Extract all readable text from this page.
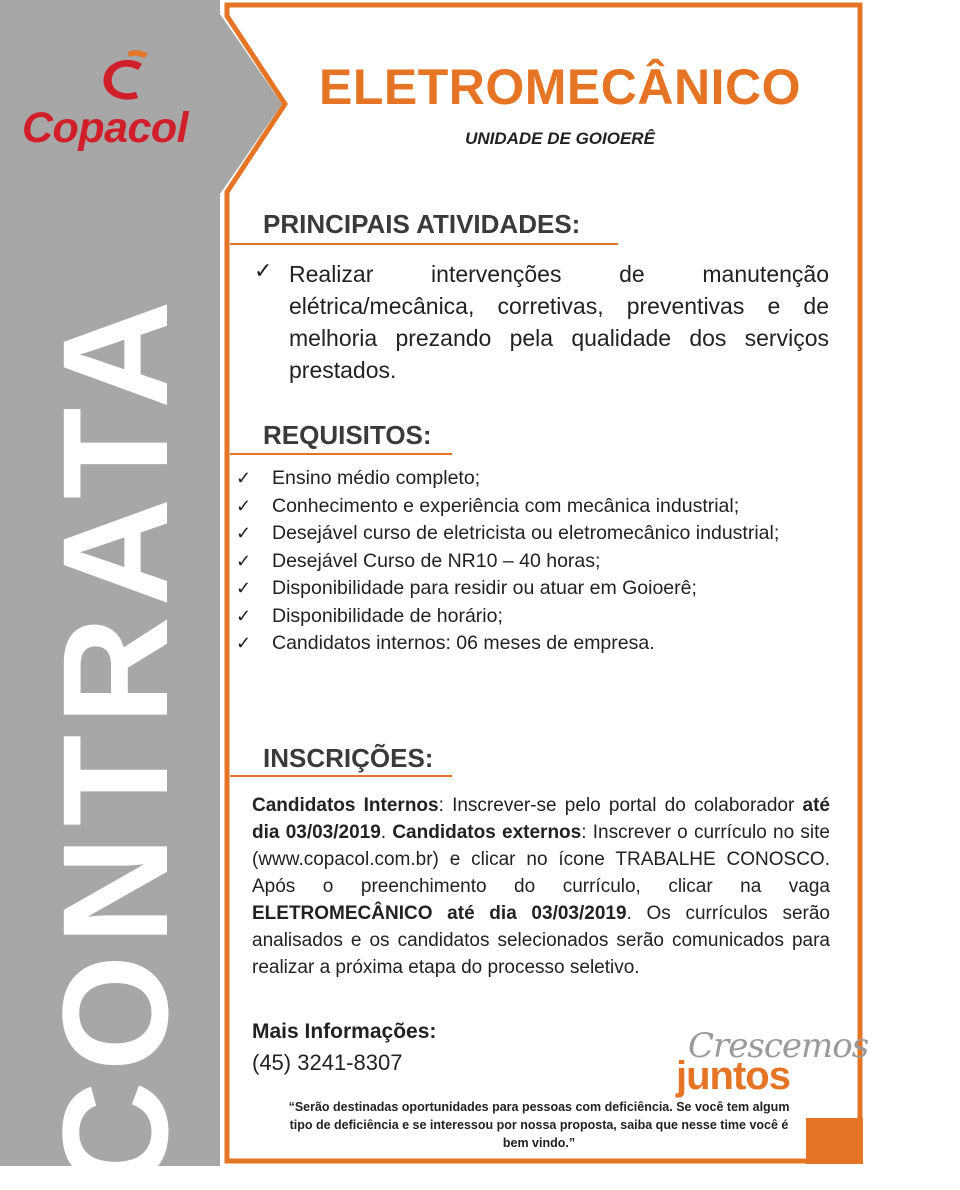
Copacol
CONTRATA
ELETROMECÂNICO
UNIDADE DE GOIOERÊ
PRINCIPAIS ATIVIDADES:
✓ Realizar intervenções de manutenção elétrica/mecânica, corretivas, preventivas e de melhoria prezando pela qualidade dos serviços prestados.
REQUISITOS:
✓ Ensino médio completo;
✓ Conhecimento e experiência com mecânica industrial;
✓ Desejável curso de eletricista ou eletromecânico industrial;
✓ Desejável Curso de NR10 – 40 horas;
✓ Disponibilidade para residir ou atuar em Goioerê;
✓ Disponibilidade de horário;
✓ Candidatos internos: 06 meses de empresa.
INSCRIÇÕES:
Candidatos Internos: Inscrever-se pelo portal do colaborador até dia 03/03/2019. Candidatos externos: Inscrever o currículo no site (www.copacol.com.br) e clicar no ícone TRABALHE CONOSCO. Após o preenchimento do currículo, clicar na vaga ELETROMECÂNICO até dia 03/03/2019. Os currículos serão analisados e os candidatos selecionados serão comunicados para realizar a próxima etapa do processo seletivo.
Mais Informações:
(45) 3241-8307	Crescemos
juntos
“Serão destinadas oportunidades para pessoas com deficiência. Se você tem algum tipo de deficiência e se interessou por nossa proposta, saiba que nesse time você é bem vindo.”
